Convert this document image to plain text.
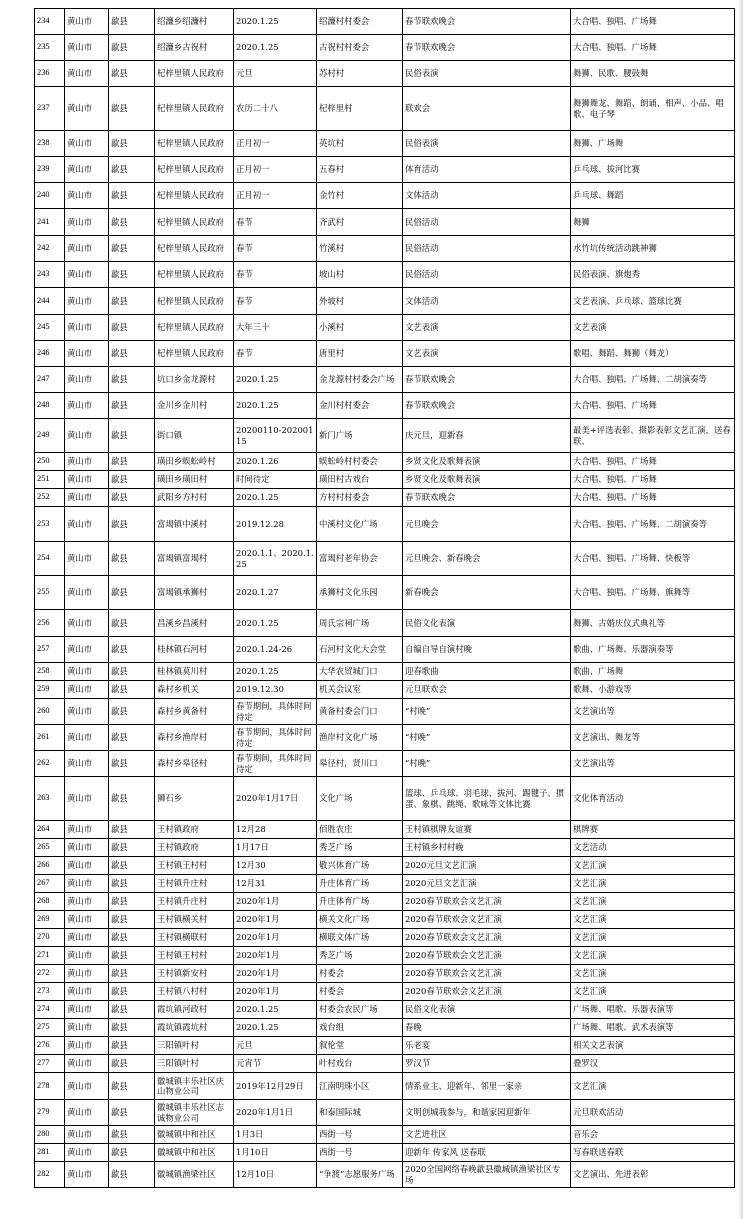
234	黄山市	歙县	绍濂乡绍濂村	2020.1.25	绍濂村村委会	春节联欢晚会	大合唱、独唱、广场舞
235	黄山市	歙县	绍濂乡古祝村	2020.1.25	古祝村村委会	春节联欢晚会	大合唱、独唱、广场舞
236	黄山市	歙县	杞梓里镇人民政府	元旦	苏村村	民俗表演	舞狮、民歌、腰鼓舞
237	黄山市	歙县	杞梓里镇人民政府	农历二十八	杞梓里村	联欢会	舞狮舞龙、舞蹈、朗诵、相声、小品、唱歌、电子琴
238	黄山市	歙县	杞梓里镇人民政府	正月初一	英坑村	民俗表演	舞狮、广场舞
239	黄山市	歙县	杞梓里镇人民政府	正月初一	五春村	体育活动	乒乓球、拔河比赛
240	黄山市	歙县	杞梓里镇人民政府	正月初一	金竹村	文体活动	乒乓球、舞蹈
241	黄山市	歙县	杞梓里镇人民政府	春节	齐武村	民俗活动	舞狮
242	黄山市	歙县	杞梓里镇人民政府	春节	竹溪村	民俗活动	水竹坑传统活动跳神狮
243	黄山市	歙县	杞梓里镇人民政府	春节	坡山村	民俗活动	民俗表演、旗炮秀
244	黄山市	歙县	杞梓里镇人民政府	春节	外坡村	文体活动	文艺表演、乒乓球、篮球比赛
245	黄山市	歙县	杞梓里镇人民政府	大年三十	小溪村	文艺表演	文艺表演
246	黄山市	歙县	杞梓里镇人民政府	春节	唐里村	文艺表演	歌唱、舞蹈、舞狮（舞龙）
247	黄山市	歙县	坑口乡金龙源村	2020.1.25	金龙源村村委会广场	春节联欢晚会	大合唱、独唱、广场舞、二胡演奏等
248	黄山市	歙县	金川乡金川村	2020.1.25	金川村村委会	春节联欢晚会	大合唱、独唱、广场舞
249	黄山市	歙县	街口镇	20200110-20200115	新门广场	庆元旦，迎新春	最美+评选表彰、摄影表彰文艺汇演，送春联、
250	黄山市	歙县	璜田乡蜈蚣岭村	2020.1.26	蜈蚣岭村村委会	乡贤文化及歌舞表演	大合唱、独唱、广场舞
251	黄山市	歙县	璜田乡璜田村	时间待定	璜田村古戏台	乡贤文化及歌舞表演	大合唱、独唱、广场舞
252	黄山市	歙县	武阳乡方村村	2020.1.25	方村村村委会	春节联欢晚会	大合唱、独唱、广场舞
253	黄山市	歙县	富堨镇中溪村	2019.12.28	中溪村文化广场	元旦晚会	大合唱、独唱、广场舞、二胡演奏等
254	黄山市	歙县	富堨镇富堨村	2020.1.1、2020.1.25	富堨村老年协会	元旦晚会、新春晚会	大合唱、独唱、广场舞、快板等
255	黄山市	歙县	富堨镇承狮村	2020.1.27	承狮村文化乐园	新春晚会	大合唱、独唱、广场舞、旗舞等
256	黄山市	歙县	昌溪乡昌溪村	2020.1.25	周氏宗祠广场	民俗文化表演	舞狮、古婚庆仪式典礼等
257	黄山市	歙县	桂林镇石河村	2020.1.24-26	石河村文化大会堂	自编自导自演村晚	歌曲、广场舞、乐器演奏等
258	黄山市	歙县	桂林镇莫川村	2020.1.25	大华农贸城门口	迎春歌曲	歌曲、广场舞
259	黄山市	歙县	森村乡机关	2019.12.30	机关会议室	元旦联欢会	歌舞、小游戏等
260	黄山市	歙县	森村乡黄备村	春节期间，具体时间待定	黄备村委会门口	“村晚”	文艺演出等
261	黄山市	歙县	森村乡渔岸村	春节期间，具体时间待定	渔岸村文化广场	“村晚”	文艺演出、舞龙等
262	黄山市	歙县	森村乡皋径村	春节期间，具体时间待定	皋径村，贤川口	“村晚”	文艺演出等
263	黄山市	歙县	狮石乡	2020年1月17日	文化广场	篮球、乒乓球、羽毛球、拔河、踢毽子、掼蛋、象棋、跳绳、歌咏等文体比赛	文化体育活动
264	黄山市	歙县	王村镇政府	12月28	佰胜农庄	王村镇棋牌友谊赛	棋牌赛
265	黄山市	歙县	王村镇政府	1月17日	秀芝广场	王村镇乡村村晚	文艺活动
266	黄山市	歙县	王村镇王村村	12月30	敬兴体育广场	2020元旦文艺汇演	文艺汇演
267	黄山市	歙县	王村镇升庄村	12月31	升庄体育广场	2020元旦文艺汇演	文艺汇演
268	黄山市	歙县	王村镇升庄村	2020年1月	升庄体育广场	2020春节联欢会文艺汇演	文艺汇演
269	黄山市	歙县	王村镇横关村	2020年1月	横关文化广场	2020春节联欢会文艺汇演	文艺汇演
270	黄山市	歙县	王村镇横联村	2020年1月	横联文体广场	2020春节联欢会文艺汇演	文艺汇演
271	黄山市	歙县	王村镇王村村	2020年1月	秀芝广场	2020春节联欢会文艺汇演	文艺汇演
272	黄山市	歙县	王村镇新安村	2020年1月	村委会	2020春节联欢会文艺汇演	文艺汇演
273	黄山市	歙县	王村镇八村村	2020年1月	村委会	2020春节联欢会文艺汇演	文艺汇演
274	黄山市	歙县	霞坑镇河政村	2020.1.25	村委会农民广场	民俗文化表演	广场舞、唱歌、乐器表演等
275	黄山市	歙县	霞坑镇霞坑村	2020.1.25	戏台组	春晚	广场舞、唱歌、武术表演等
276	黄山市	歙县	三阳镇叶村	元旦	叙伦堂	乐老宴	相关文艺表演
277	黄山市	歙县	三阳镇叶村	元宵节	叶村戏台	罗汉节	叠罗汉
278	黄山市	歙县	徽城镇丰乐社区庆山物业公司	2019年12月29日	江南明珠小区	情系业主、迎新年、邻里一家亲	文艺汇演
279	黄山市	歙县	徽城镇丰乐社区志诚物业公司	2020年1月1日	和泰国际城	文明创城我参与，和谐家园迎新年	元旦联欢活动
280	黄山市	歙县	徽城镇中和社区	1月3日	西街一号	文艺进社区	音乐会
281	黄山市	歙县	徽城镇中和社区	1月10日	西街一号	迎新年 传家风 送春联	写春联送春联
282	黄山市	歙县	徽城镇渔梁社区	12月10日	“争渡”志愿服务广场	2020全国网络春晚歙县徽城镇渔梁社区专场	文艺演出、先进表彰
